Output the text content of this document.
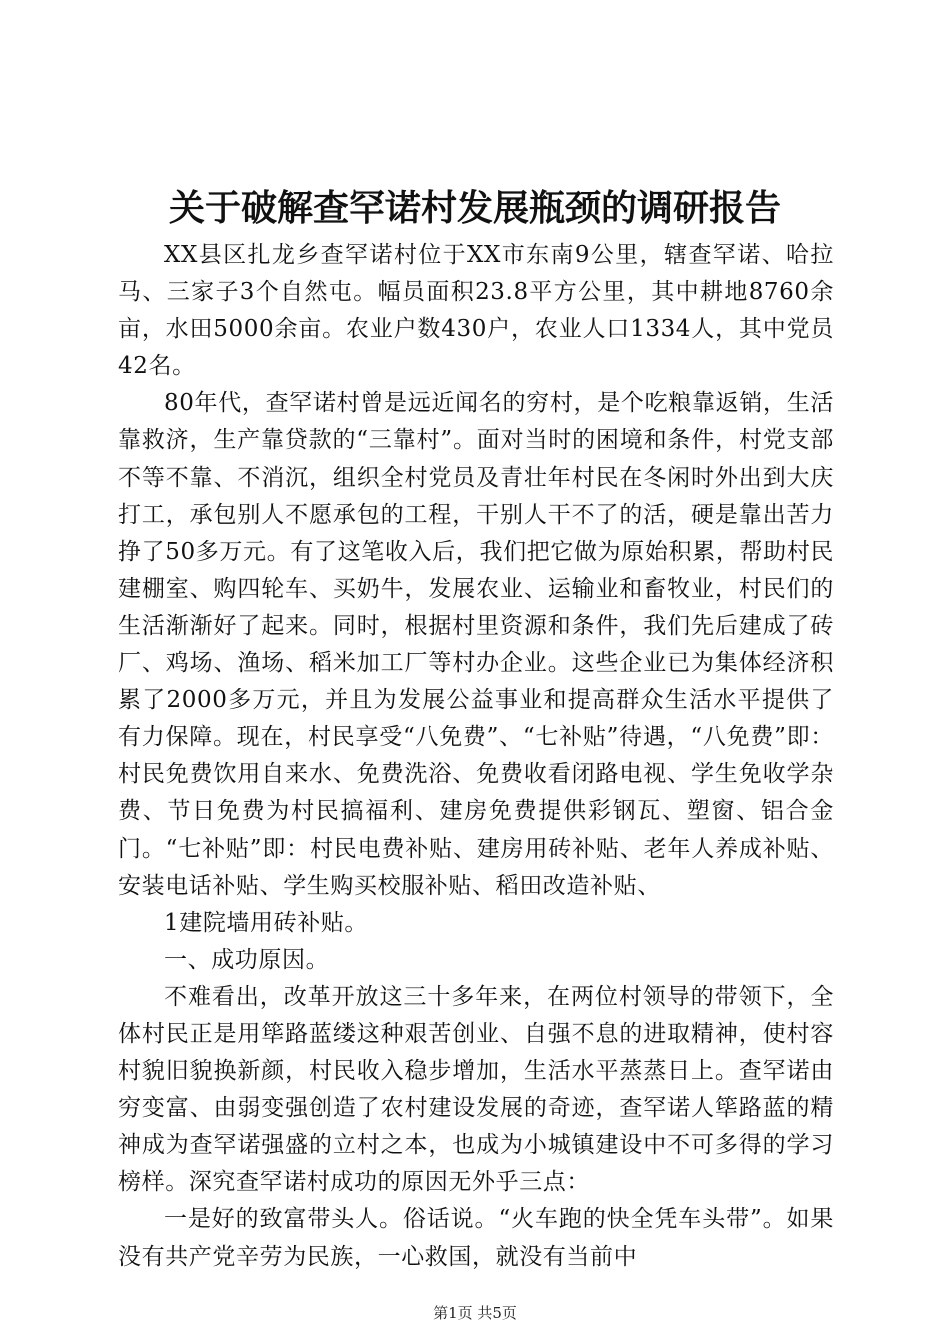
关于破解查罕诺村发展瓶颈的调研报告

XX县区扎龙乡查罕诺村位于XX市东南9公里，辖查罕诺、哈拉马、三家子3个自然屯。幅员面积23.8平方公里，其中耕地8760余亩，水田5000余亩。农业户数430户，农业人口1334人，其中党员42名。

80年代，查罕诺村曾是远近闻名的穷村，是个吃粮靠返销，生活靠救济，生产靠贷款的“三靠村”。面对当时的困境和条件，村党支部不等不靠、不消沉，组织全村党员及青壮年村民在冬闲时外出到大庆打工，承包别人不愿承包的工程，干别人干不了的活，硬是靠出苦力挣了50多万元。有了这笔收入后，我们把它做为原始积累，帮助村民建棚室、购四轮车、买奶牛，发展农业、运输业和畜牧业，村民们的生活渐渐好了起来。同时，根据村里资源和条件，我们先后建成了砖厂、鸡场、渔场、稻米加工厂等村办企业。这些企业已为集体经济积累了2000多万元，并且为发展公益事业和提高群众生活水平提供了有力保障。现在，村民享受“八免费”、“七补贴”待遇，“八免费”即：村民免费饮用自来水、免费洗浴、免费收看闭路电视、学生免收学杂费、节日免费为村民搞福利、建房免费提供彩钢瓦、塑窗、铝合金门。“七补贴”即：村民电费补贴、建房用砖补贴、老年人养成补贴、安装电话补贴、学生购买校服补贴、稻田改造补贴、

1建院墙用砖补贴。

一、成功原因。

不难看出，改革开放这三十多年来，在两位村领导的带领下，全体村民正是用筚路蓝缕这种艰苦创业、自强不息的进取精神，使村容村貌旧貌换新颜，村民收入稳步增加，生活水平蒸蒸日上。查罕诺由穷变富、由弱变强创造了农村建设发展的奇迹，查罕诺人筚路蓝的精神成为查罕诺强盛的立村之本，也成为小城镇建设中不可多得的学习榜样。深究查罕诺村成功的原因无外乎三点：

一是好的致富带头人。俗话说。“火车跑的快全凭车头带”。如果没有共产党辛劳为民族，一心救国，就没有当前中

第1页 共5页
